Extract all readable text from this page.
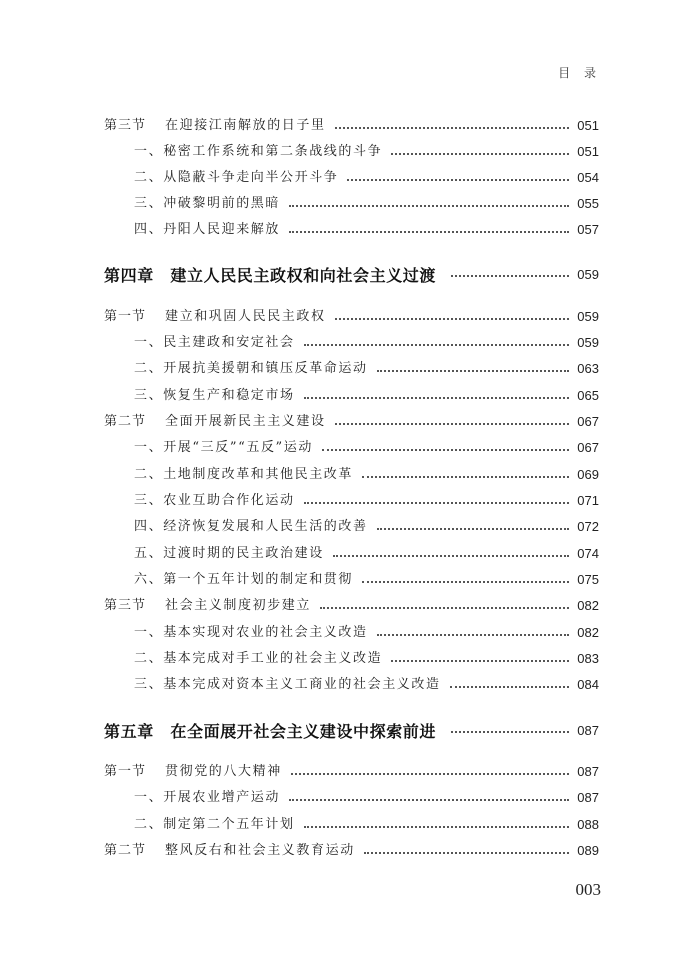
目 录
第三节	在迎接江南解放的日子里	051
一、秘密工作系统和第二条战线的斗争	051
二、从隐蔽斗争走向半公开斗争	054
三、冲破黎明前的黑暗	055
四、丹阳人民迎来解放	057
第四章　建立人民民主政权和向社会主义过渡	059
第一节	建立和巩固人民民主政权	059
一、民主建政和安定社会	059
二、开展抗美援朝和镇压反革命运动	063
三、恢复生产和稳定市场	065
第二节	全面开展新民主主义建设	067
一、开展“三反”“五反”运动	067
二、土地制度改革和其他民主改革	069
三、农业互助合作化运动	071
四、经济恢复发展和人民生活的改善	072
五、过渡时期的民主政治建设	074
六、第一个五年计划的制定和贯彻	075
第三节	社会主义制度初步建立	082
一、基本实现对农业的社会主义改造	082
二、基本完成对手工业的社会主义改造	083
三、基本完成对资本主义工商业的社会主义改造	084
第五章　在全面展开社会主义建设中探索前进	087
第一节	贯彻党的八大精神	087
一、开展农业增产运动	087
二、制定第二个五年计划	088
第二节	整风反右和社会主义教育运动	089
003
